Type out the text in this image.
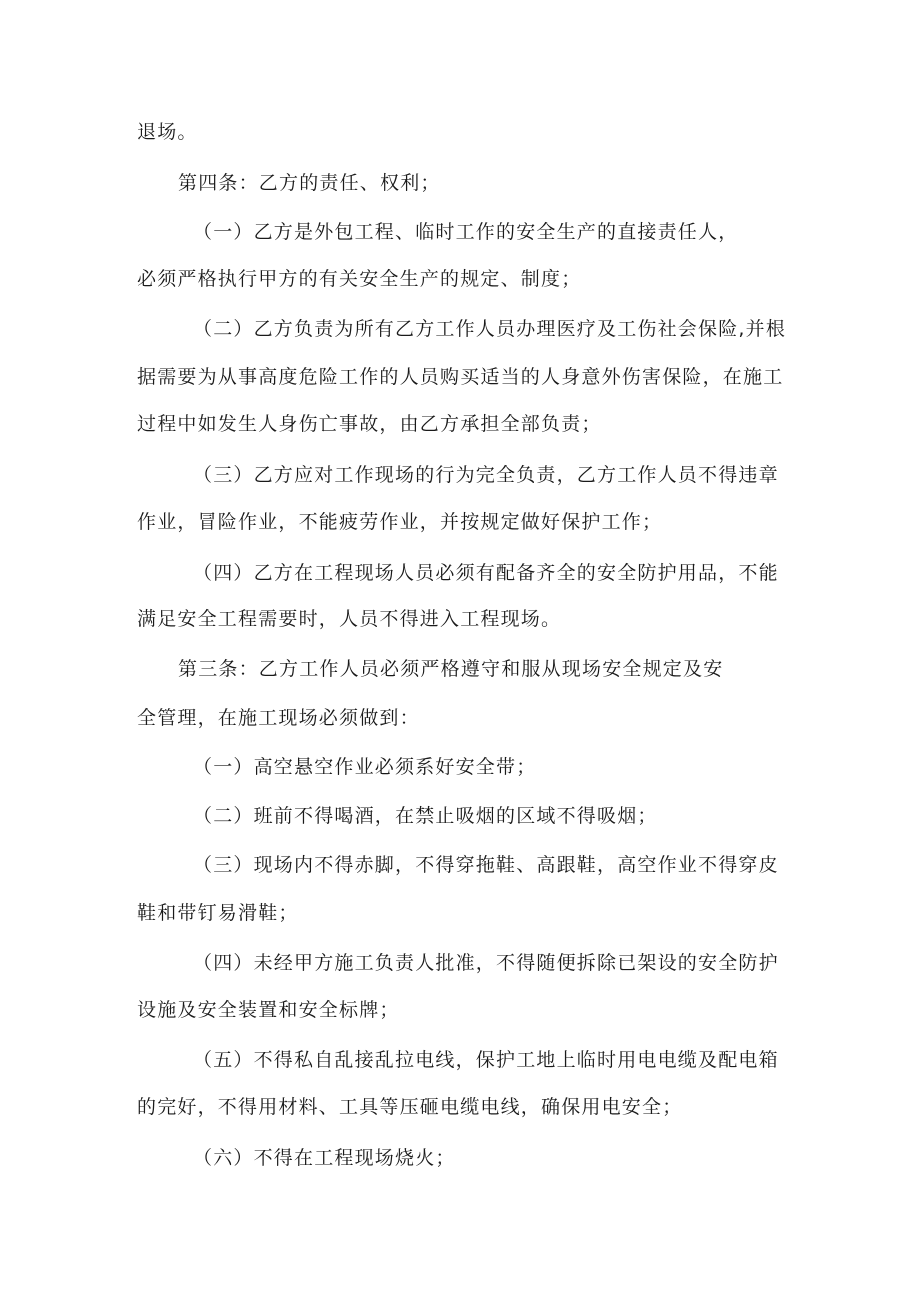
退场。
第四条：乙方的责任、权利；
（一）乙方是外包工程、临时工作的安全生产的直接责任人，
必须严格执行甲方的有关安全生产的规定、制度；
（二）乙方负责为所有乙方工作人员办理医疗及工伤社会保险,并根
据需要为从事高度危险工作的人员购买适当的人身意外伤害保险，在施工
过程中如发生人身伤亡事故，由乙方承担全部负责；
（三）乙方应对工作现场的行为完全负责，乙方工作人员不得违章
作业，冒险作业，不能疲劳作业，并按规定做好保护工作；
（四）乙方在工程现场人员必须有配备齐全的安全防护用品，不能
满足安全工程需要时，人员不得进入工程现场。
第三条：乙方工作人员必须严格遵守和服从现场安全规定及安
全管理，在施工现场必须做到：
（一）高空悬空作业必须系好安全带；
（二）班前不得喝酒，在禁止吸烟的区域不得吸烟；
（三）现场内不得赤脚，不得穿拖鞋、高跟鞋，高空作业不得穿皮
鞋和带钉易滑鞋；
（四）未经甲方施工负责人批准，不得随便拆除已架设的安全防护
设施及安全装置和安全标牌；
（五）不得私自乱接乱拉电线，保护工地上临时用电电缆及配电箱
的完好，不得用材料、工具等压砸电缆电线，确保用电安全；
（六）不得在工程现场烧火；
